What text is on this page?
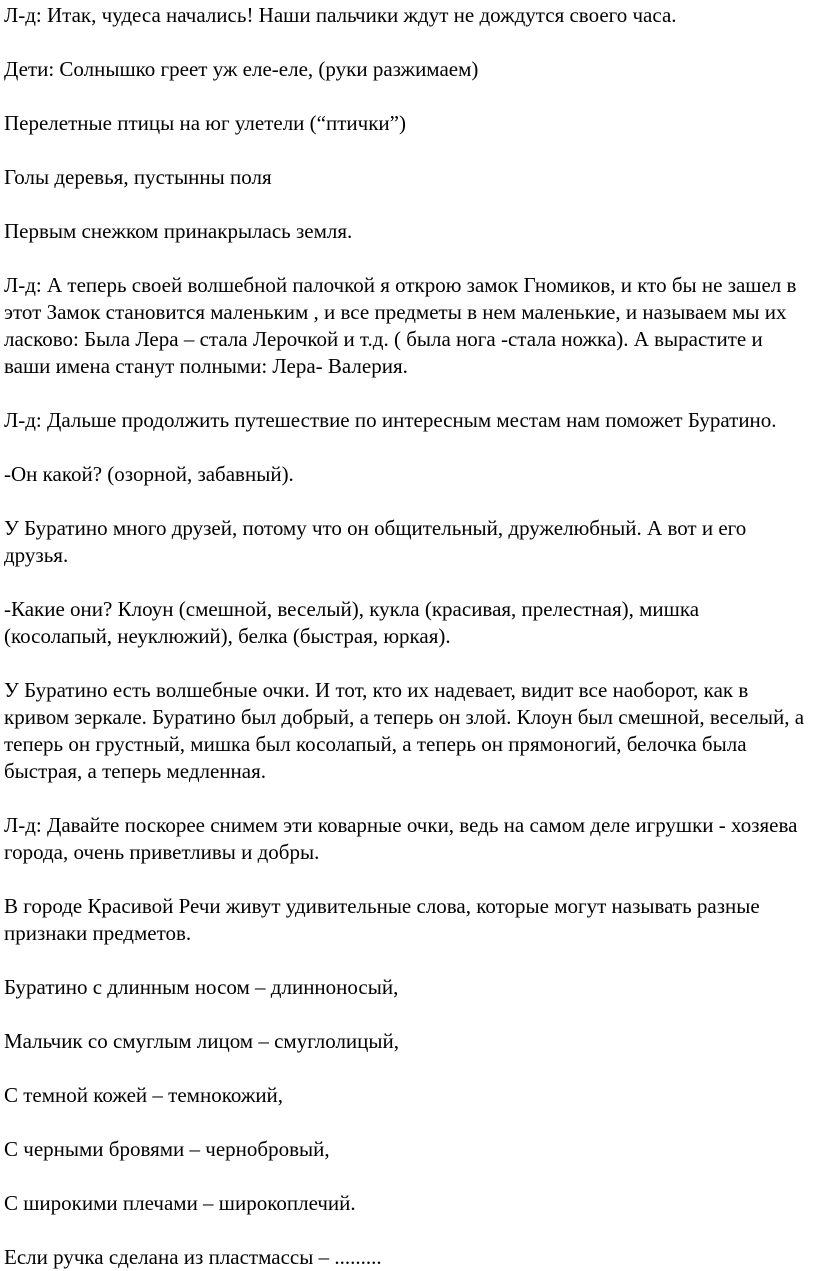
Л-д: Итак, чудеса начались! Наши пальчики ждут не дождутся своего часа.

Дети: Солнышко греет уж еле-еле, (руки разжимаем)

Перелетные птицы на юг улетели (“птички”)

Голы деревья, пустынны поля

Первым снежком принакрылась земля.

Л-д: А теперь своей волшебной палочкой я открою замок Гномиков, и кто бы не зашел в этот Замок становится маленьким , и все предметы в нем маленькие, и называем мы их ласково: Была Лера – стала Лерочкой и т.д. ( была нога -стала ножка). А вырастите и ваши имена станут полными: Лера- Валерия.

Л-д: Дальше продолжить путешествие по интересным местам нам поможет Буратино.

-Он какой? (озорной, забавный).

У Буратино много друзей, потому что он общительный, дружелюбный. А вот и его друзья.

-Какие они? Клоун (смешной, веселый), кукла (красивая, прелестная), мишка (косолапый, неуклюжий), белка (быстрая, юркая).

У Буратино есть волшебные очки. И тот, кто их надевает, видит все наоборот, как в кривом зеркале. Буратино был добрый, а теперь он злой. Клоун был смешной, веселый, а теперь он грустный, мишка был косолапый, а теперь он прямоногий, белочка была быстрая, а теперь медленная.

Л-д: Давайте поскорее снимем эти коварные очки, ведь на самом деле игрушки - хозяева города, очень приветливы и добры.

В городе Красивой Речи живут удивительные слова, которые могут называть разные признаки предметов.

Буратино с длинным носом – длинноносый,

Мальчик со смуглым лицом – смуглолицый,

С темной кожей – темнокожий,

С черными бровями – чернобровый,

С широкими плечами – широкоплечий.

Если ручка сделана из пластмассы – .........
